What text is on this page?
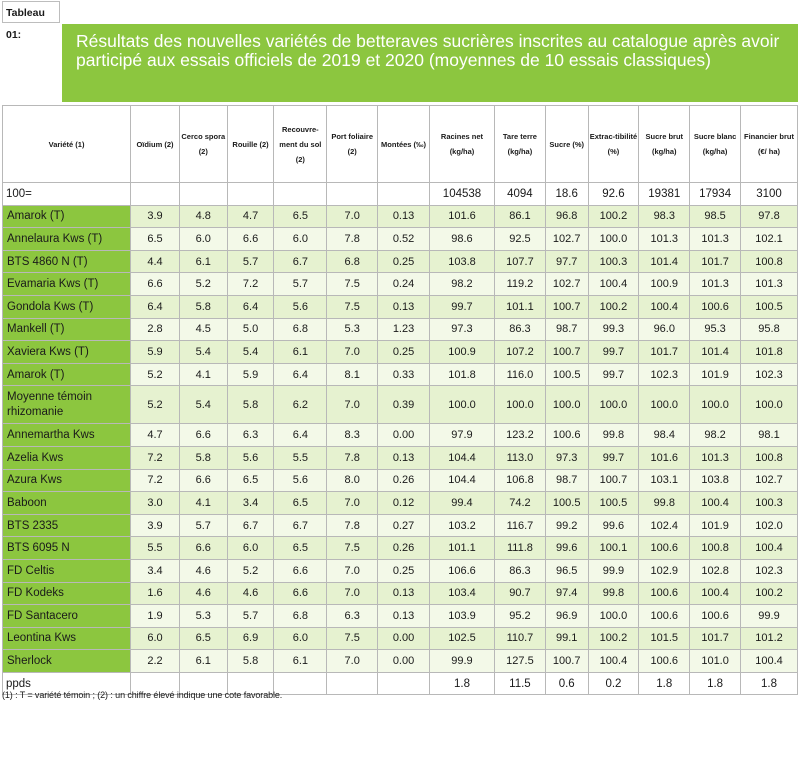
Tableau 01:	Résultats des nouvelles variétés de betteraves sucrières inscrites au catalogue après avoir participé aux essais officiels de 2019 et 2020 (moyennes de 10 essais classiques)
Variété (1)	Oïdium (2)	Cerco spora (2)	Rouille (2)	Recouvre-ment du sol (2)	Port foliaire (2)	Montées (‰)	Racines net (kg/ha)	Tare terre (kg/ha)	Sucre (%)	Extrac-tibilité (%)	Sucre brut (kg/ha)	Sucre blanc (kg/ha)	Financier brut (€/ ha)
100=							104538	4094	18.6	92.6	19381	17934	3100
Amarok (T)	3.9	4.8	4.7	6.5	7.0	0.13	101.6	86.1	96.8	100.2	98.3	98.5	97.8
Annelaura Kws (T)	6.5	6.0	6.6	6.0	7.8	0.52	98.6	92.5	102.7	100.0	101.3	101.3	102.1
BTS 4860 N (T)	4.4	6.1	5.7	6.7	6.8	0.25	103.8	107.7	97.7	100.3	101.4	101.7	100.8
Evamaria Kws (T)	6.6	5.2	7.2	5.7	7.5	0.24	98.2	119.2	102.7	100.4	100.9	101.3	101.3
Gondola Kws (T)	6.4	5.8	6.4	5.6	7.5	0.13	99.7	101.1	100.7	100.2	100.4	100.6	100.5
Mankell (T)	2.8	4.5	5.0	6.8	5.3	1.23	97.3	86.3	98.7	99.3	96.0	95.3	95.8
Xaviera Kws (T)	5.9	5.4	5.4	6.1	7.0	0.25	100.9	107.2	100.7	99.7	101.7	101.4	101.8
Amarok (T)	5.2	4.1	5.9	6.4	8.1	0.33	101.8	116.0	100.5	99.7	102.3	101.9	102.3
Moyenne témoin rhizomanie	5.2	5.4	5.8	6.2	7.0	0.39	100.0	100.0	100.0	100.0	100.0	100.0	100.0
Annemartha Kws	4.7	6.6	6.3	6.4	8.3	0.00	97.9	123.2	100.6	99.8	98.4	98.2	98.1
Azelia Kws	7.2	5.8	5.6	5.5	7.8	0.13	104.4	113.0	97.3	99.7	101.6	101.3	100.8
Azura Kws	7.2	6.6	6.5	5.6	8.0	0.26	104.4	106.8	98.7	100.7	103.1	103.8	102.7
Baboon	3.0	4.1	3.4	6.5	7.0	0.12	99.4	74.2	100.5	100.5	99.8	100.4	100.3
BTS 2335	3.9	5.7	6.7	6.7	7.8	0.27	103.2	116.7	99.2	99.6	102.4	101.9	102.0
BTS 6095 N	5.5	6.6	6.0	6.5	7.5	0.26	101.1	111.8	99.6	100.1	100.6	100.8	100.4
FD Celtis	3.4	4.6	5.2	6.6	7.0	0.25	106.6	86.3	96.5	99.9	102.9	102.8	102.3
FD Kodeks	1.6	4.6	4.6	6.6	7.0	0.13	103.4	90.7	97.4	99.8	100.6	100.4	100.2
FD Santacero	1.9	5.3	5.7	6.8	6.3	0.13	103.9	95.2	96.9	100.0	100.6	100.6	99.9
Leontina Kws	6.0	6.5	6.9	6.0	7.5	0.00	102.5	110.7	99.1	100.2	101.5	101.7	101.2
Sherlock	2.2	6.1	5.8	6.1	7.0	0.00	99.9	127.5	100.7	100.4	100.6	101.0	100.4
ppds							1.8	11.5	0.6	0.2	1.8	1.8	1.8
(1) : T = variété témoin ; (2) : un chiffre élevé indique une cote favorable.
